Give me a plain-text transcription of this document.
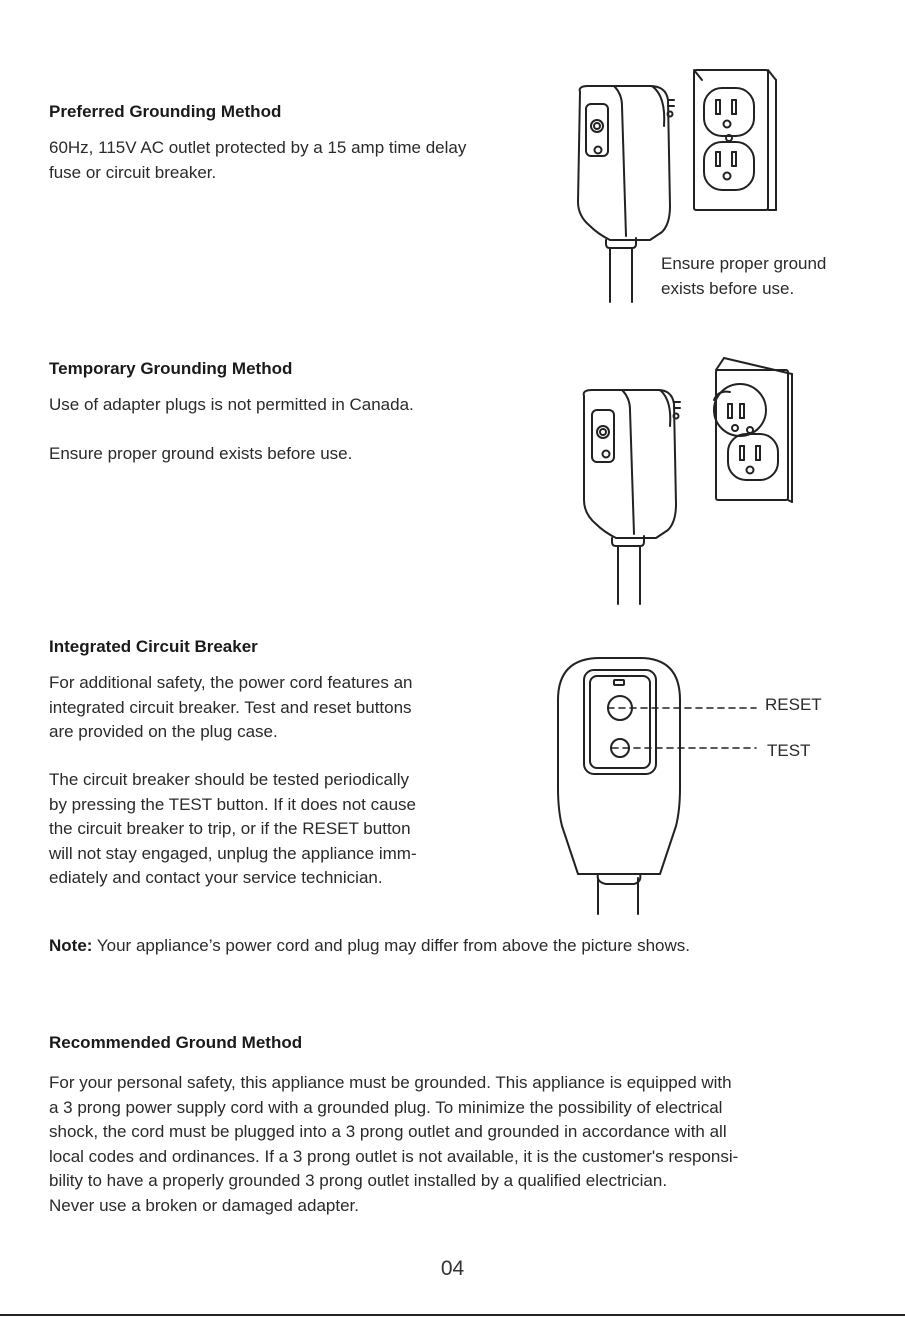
Preferred Grounding Method

60Hz, 115V AC outlet protected by a 15 amp time delay
fuse or circuit breaker.

Ensure proper ground
exists before use.
Temporary Grounding Method

Use of adapter plugs is not permitted in Canada.

Ensure proper ground exists before use.

Integrated Circuit Breaker

For additional safety, the power cord features an
integrated circuit breaker. Test and reset buttons
are provided on the plug case.

The circuit breaker should be tested periodically
by pressing the TEST button. If it does not cause
the circuit breaker to trip, or if the RESET button
will not stay engaged, unplug the appliance imm-
ediately and contact your service technician.

RESET
TEST
Note: Your appliance’s power cord and plug may differ from above the picture shows.
Recommended Ground Method

For your personal safety, this appliance must be grounded. This appliance is equipped with
a 3 prong power supply cord with a grounded plug. To minimize the possibility of electrical
shock, the cord must be plugged into a 3 prong outlet and grounded in accordance with all
local codes and ordinances. If a 3 prong outlet is not available, it is the customer's responsi-
bility to have a properly grounded 3 prong outlet installed by a qualified electrician.
Never use a broken or damaged adapter.

04
